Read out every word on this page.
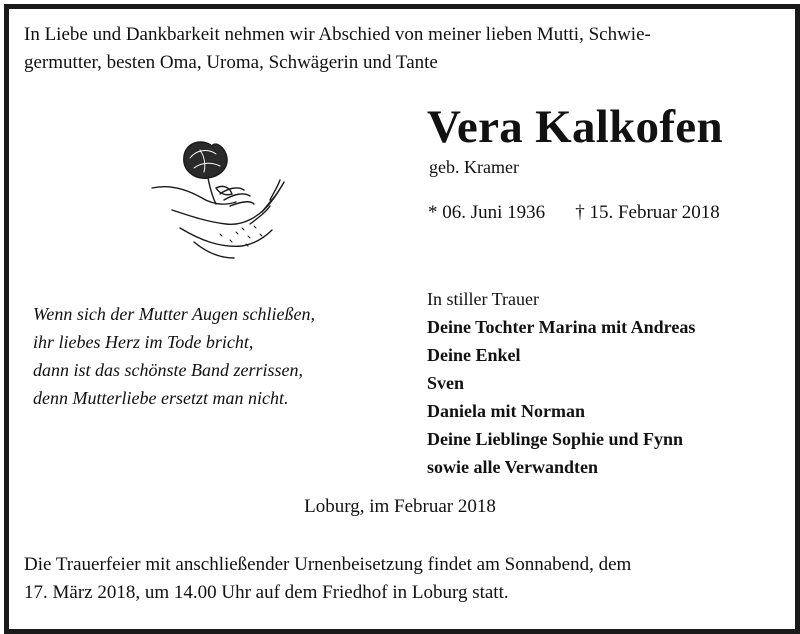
In Liebe und Dankbarkeit nehmen wir Abschied von meiner lieben Mutti, Schwie-
germutter, besten Oma, Uroma, Schwägerin und Tante
Vera Kalkofen
geb. Kramer
* 06. Juni 1936 † 15. Februar 2018
Wenn sich der Mutter Augen schließen,
ihr liebes Herz im Tode bricht,
dann ist das schönste Band zerrissen,
denn Mutterliebe ersetzt man nicht.
In stiller Trauer
Deine Tochter Marina mit Andreas
Deine Enkel
Sven
Daniela mit Norman
Deine Lieblinge Sophie und Fynn
sowie alle Verwandten
Loburg, im Februar 2018
Die Trauerfeier mit anschließender Urnenbeisetzung findet am Sonnabend, dem
17. März 2018, um 14.00 Uhr auf dem Friedhof in Loburg statt.
